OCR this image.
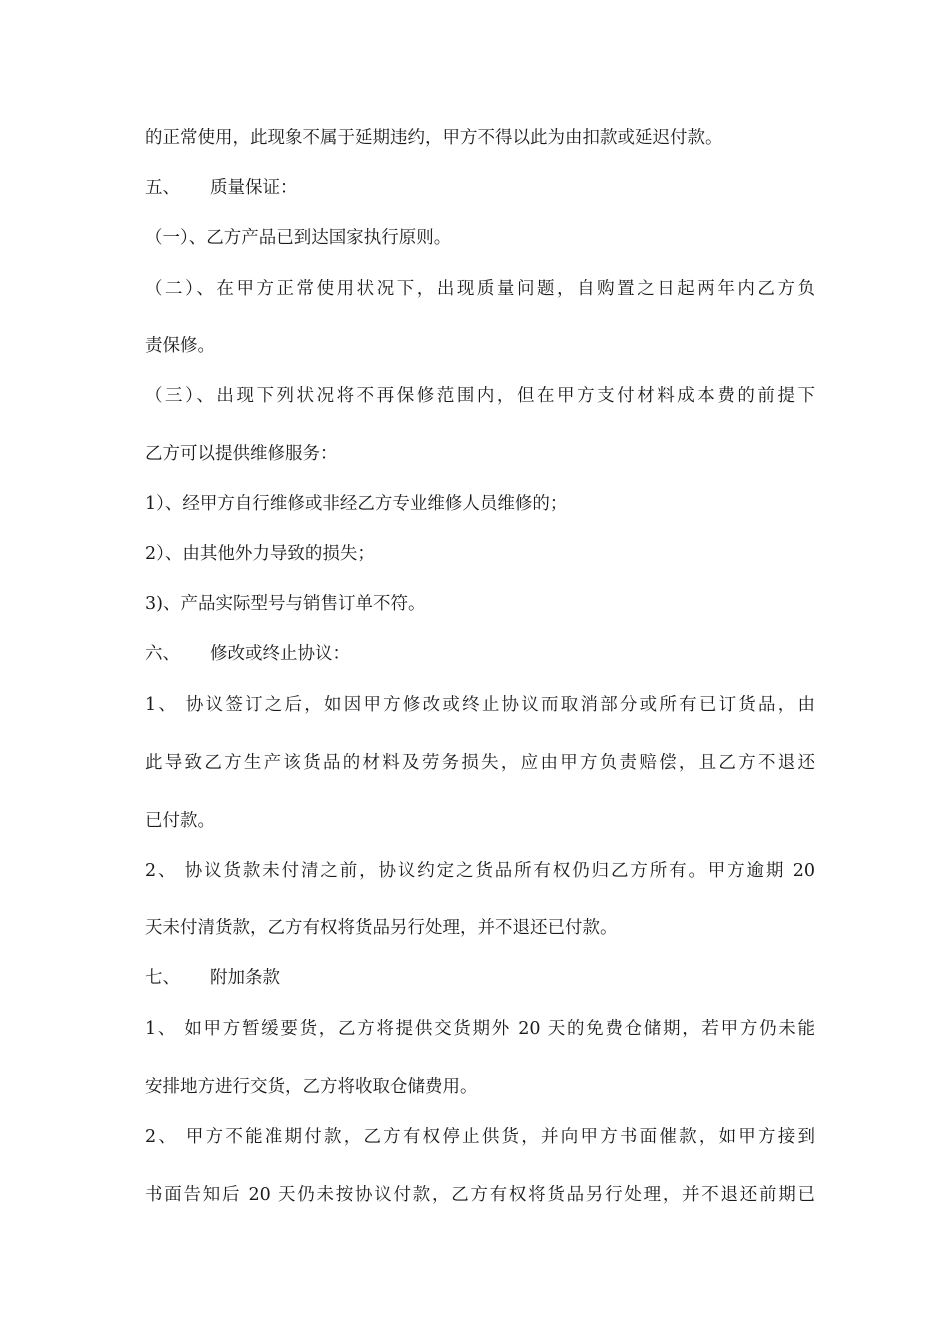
的正常使用，此现象不属于延期违约，甲方不得以此为由扣款或延迟付款。
五、 质量保证：
（一）、乙方产品已到达国家执行原则。
（二）、在甲方正常使用状况下，出现质量问题，自购置之日起两年内乙方负
责保修。
（三）、出现下列状况将不再保修范围内，但在甲方支付材料成本费的前提下
乙方可以提供维修服务：
1）、经甲方自行维修或非经乙方专业维修人员维修的；
2）、由其他外力导致的损失；
3)、产品实际型号与销售订单不符。
六、 修改或终止协议：
1、 协议签订之后，如因甲方修改或终止协议而取消部分或所有已订货品，由
此导致乙方生产该货品的材料及劳务损失，应由甲方负责赔偿，且乙方不退还
已付款。
2、 协议货款未付清之前，协议约定之货品所有权仍归乙方所有。甲方逾期 20
天未付清货款，乙方有权将货品另行处理，并不退还已付款。
七、 附加条款
1、 如甲方暂缓要货，乙方将提供交货期外 20 天的免费仓储期，若甲方仍未能
安排地方进行交货，乙方将收取仓储费用。
2、 甲方不能准期付款，乙方有权停止供货，并向甲方书面催款，如甲方接到
书面告知后 20 天仍未按协议付款，乙方有权将货品另行处理，并不退还前期已
